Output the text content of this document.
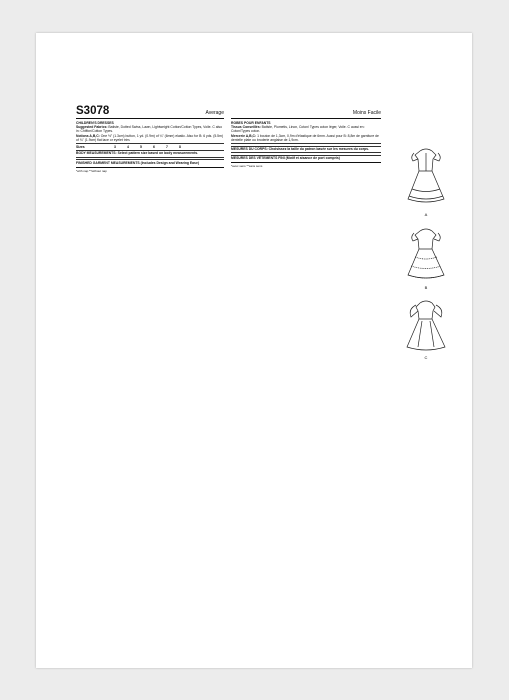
S3078	Average
CHILDREN'S DRESSES
Suggested Fabrics: Batiste, Dotted Swiss, Lawn, Lightweight Cotton/Cotton Types, Voile. C also in: Chiffon/Cotton Types.
Notions A,B,C: One ½" (1.3cm) button, 1 yd. (0.9m) of ¼" (6mm) elastic. Also for B: 6 yds. (5.5m) of ¾" (1.9cm) flat lace or eyelet trim.
Sizes	3	4	5	6	7	8
BODY MEASUREMENTS: Select pattern size based on body measurements.
FINISHED GARMENT MEASUREMENTS (Includes Design and Wearing Ease)
*with nap **without nap
Moins Facile
ROBES POUR ENFANTS
Tissus Conseillés: Batiste, Plumetis, Linon, Coton/ Types coton léger, Voile. C aussi en: Coton/Types coton.
Mercerie A,B,C: 1 bouton de 1,3cm, 0,9m d'élastique de 6mm. Aussi pour B: 8,8m de garniture de dentelle plate ou broderie anglaise de 1,9cm.
MESURES DU CORPS: Choisissez la taille du patron basée sur les mesures du corps.
MESURES DES VÊTEMENTS FINI (Motif et aisance de port compris)
*avec sens **sans sens
A
B
C
